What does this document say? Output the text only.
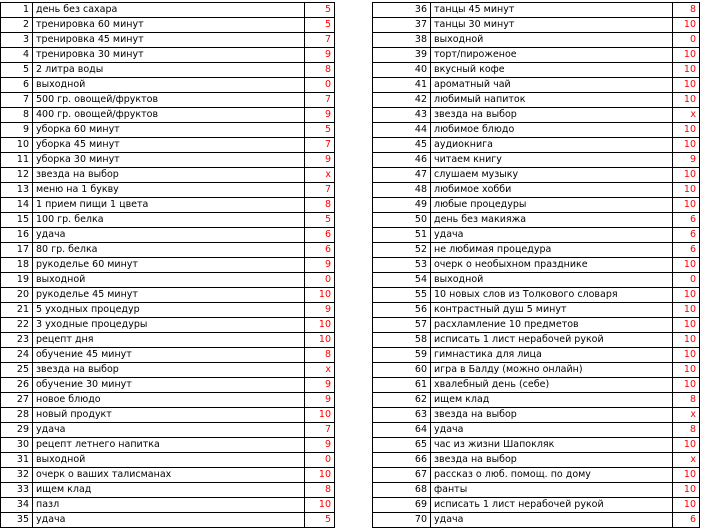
1	день без сахара	5
2	тренировка 60 минут	5
3	тренировка 45 минут	7
4	тренировка 30 минут	9
5	2 литра воды	8
6	выходной	0
7	500 гр. овощей/фруктов	7
8	400 гр. овощей/фруктов	9
9	уборка 60 минут	5
10	уборка 45 минут	7
11	уборка 30 минут	9
12	звезда на выбор	х
13	меню на 1 букву	7
14	1 прием пищи 1 цвета	8
15	100 гр. белка	5
16	удача	6
17	80 гр. белка	6
18	рукоделье 60 минут	9
19	выходной	0
20	рукоделье 45 минут	10
21	5 уходных процедур	9
22	3 уходные процедуры	10
23	рецепт дня	10
24	обучение 45 минут	8
25	звезда на выбор	х
26	обучение 30 минут	9
27	новое блюдо	9
28	новый продукт	10
29	удача	7
30	рецепт летнего напитка	9
31	выходной	0
32	очерк о ваших талисманах	10
33	ищем клад	8
34	пазл	10
35	удача	5
36	танцы 45 минут	8
37	танцы 30 минут	10
38	выходной	0
39	торт/пироженое	10
40	вкусный кофе	10
41	ароматный чай	10
42	любимый напиток	10
43	звезда на выбор	х
44	любимое блюдо	10
45	аудиокнига	10
46	читаем книгу	9
47	слушаем музыку	10
48	любимое хобби	10
49	любые процедуры	10
50	день без макияжа	6
51	удача	6
52	не любимая процедура	6
53	очерк о необыхном празднике	10
54	выходной	0
55	10 новых слов из Толкового словаря	10
56	контрастный душ 5 минут	10
57	расхламление 10 предметов	10
58	исписать 1 лист нерабочей рукой	10
59	гимнастика для лица	10
60	игра в Балду (можно онлайн)	10
61	хвалебный день (себе)	10
62	ищем клад	8
63	звезда на выбор	х
64	удача	8
65	час из жизни Шапокляк	10
66	звезда на выбор	х
67	рассказ о люб. помощ. по дому	10
68	фанты	10
69	исписать 1 лист нерабочей рукой	10
70	удача	6
